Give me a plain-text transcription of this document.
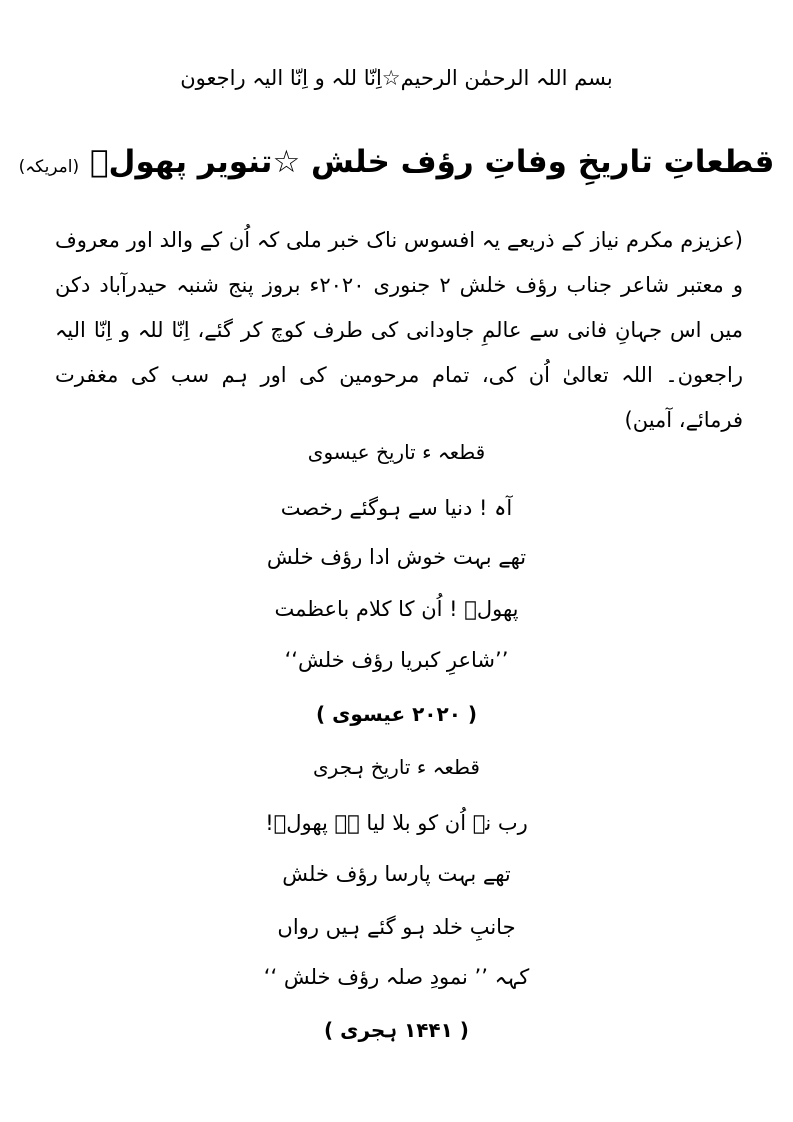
بسم اللہ الرحمٰن الرحیم☆اِنّا للہ و اِنّا الیہ راجعون
قطعاتِ تاریخِ وفاتِ رؤف خلش ☆تنویر پھولؔ (امریکہ)
(عزیزم مکرم نیاز کے ذریعے یہ افسوس ناک خبر ملی کہ اُن کے والد اور معروف و معتبر شاعر جناب رؤف خلش ۲ جنوری ۲۰۲۰ء بروز پنج شنبہ حیدرآباد دکن میں اس جہانِ فانی سے عالمِ جاودانی کی طرف کوچ کر گئے، اِنّا للہ و اِنّا الیہ راجعون۔ اللہ تعالیٰ اُن کی، تمام مرحومین کی اور ہم سب کی مغفرت فرمائے، آمین)
قطعہ ء تاریخ عیسوی
آہ ! دنیا سے ہوگئے رخصت
تھے بہت خوش ادا رؤف خلش
پھولؔ ! اُن کا کلام باعظمت
’’شاعرِ کبریا رؤف خلش‘‘
( ۲۰۲۰ عیسوی )
قطعہ ء تاریخ ہجری
رب نے اُن کو بلا لیا ہے پھولؔ!
تھے بہت پارسا رؤف خلش
جانبِ خلد ہو گئے ہیں رواں
کہہ ’’ نمودِ صلہ رؤف خلش ‘‘
( ۱۴۴۱ ہجری )
